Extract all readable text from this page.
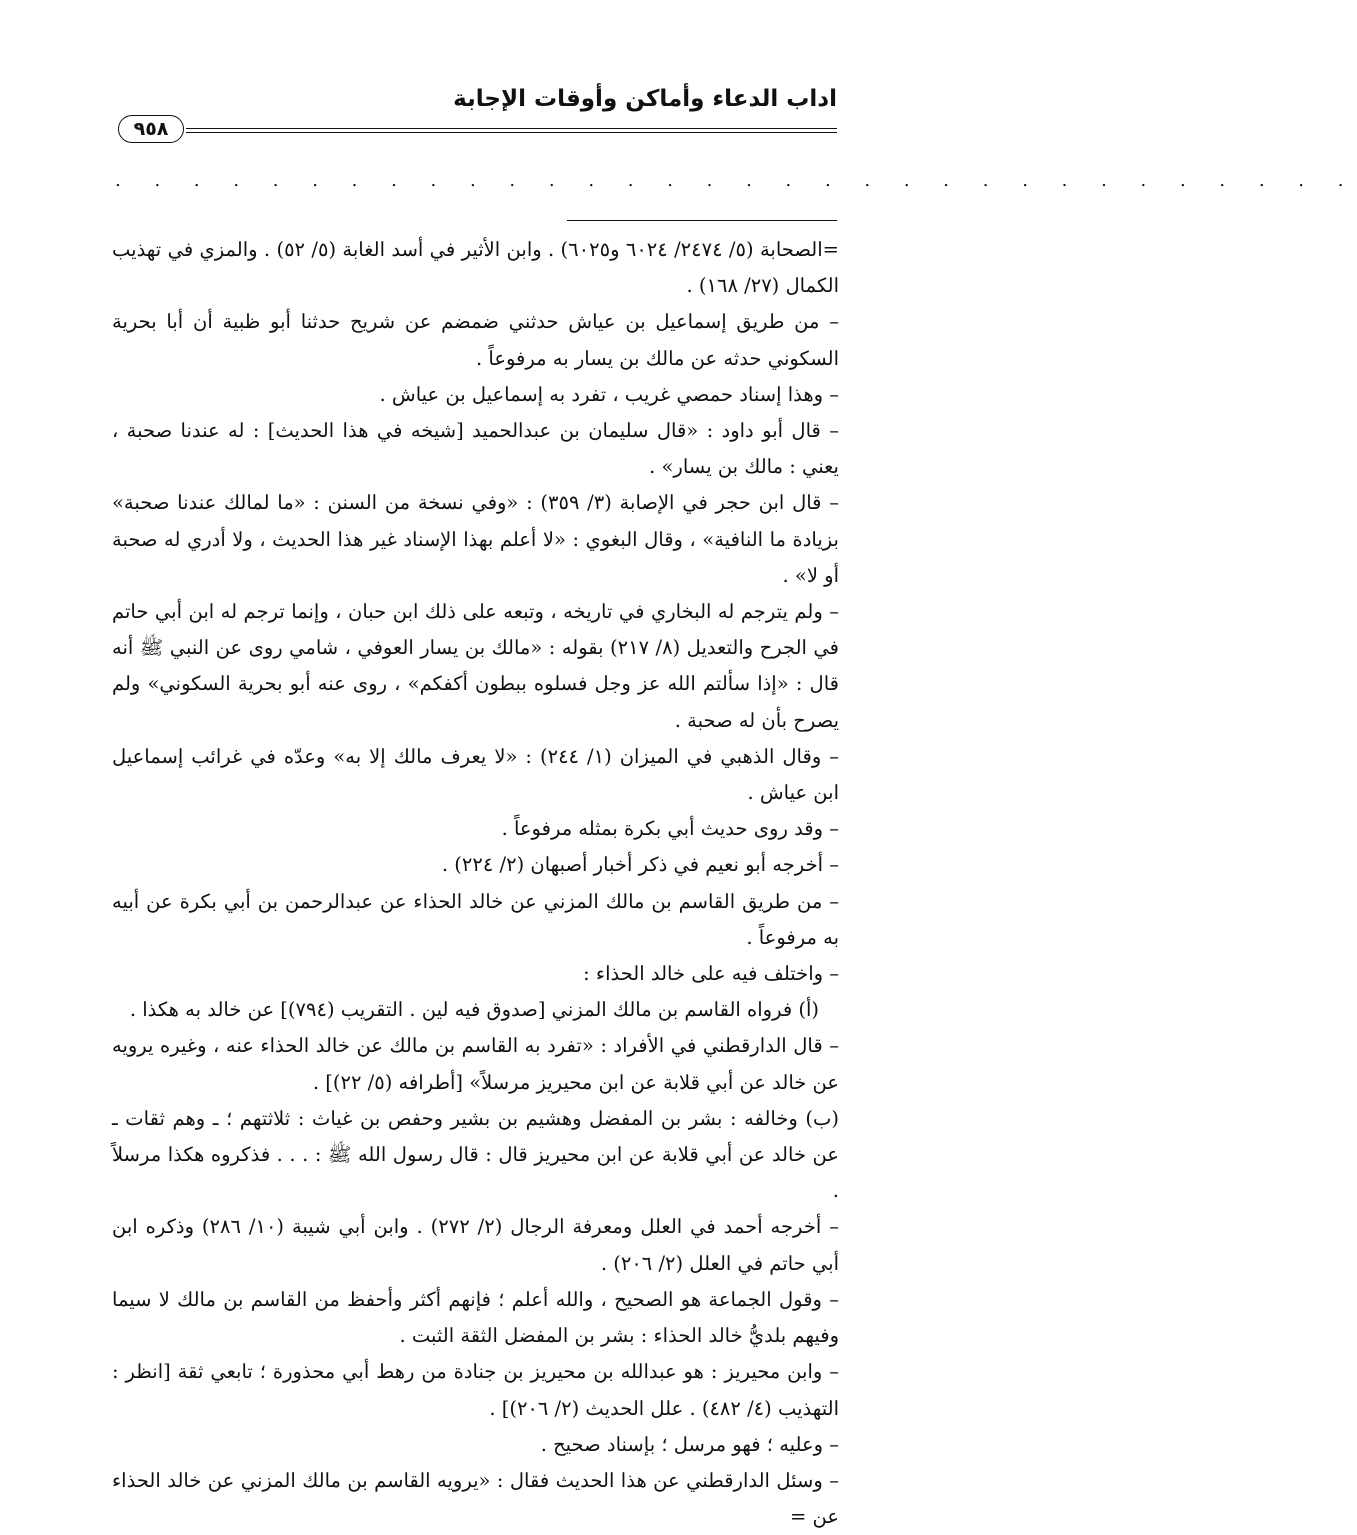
اداب الدعاء وأماكن وأوقات الإجابة
٩٥٨
. . . . . . . . . . . . . . . . . . . . . . . . . . . . . . . .

=الصحابة (٥/ ٢٤٧٤/ ٦٠٢٤ و٦٠٢٥) . وابن الأثير في أسد الغابة (٥/ ٥٢) . والمزي في تهذيب الكمال (٢٧/ ١٦٨) .

– من طريق إسماعيل بن عياش حدثني ضمضم عن شريح حدثنا أبو ظبية أن أبا بحرية السكوني حدثه عن مالك بن يسار به مرفوعاً .

– وهذا إسناد حمصي غريب ، تفرد به إسماعيل بن عياش .

– قال أبو داود : «قال سليمان بن عبدالحميد [شيخه في هذا الحديث] : له عندنا صحبة ، يعني : مالك بن يسار» .

– قال ابن حجر في الإصابة (٣/ ٣٥٩) : «وفي نسخة من السنن : «ما لمالك عندنا صحبة» بزيادة ما النافية» ، وقال البغوي : «لا أعلم بهذا الإسناد غير هذا الحديث ، ولا أدري له صحبة أو لا» .

– ولم يترجم له البخاري في تاريخه ، وتبعه على ذلك ابن حبان ، وإنما ترجم له ابن أبي حاتم في الجرح والتعديل (٨/ ٢١٧) بقوله : «مالك بن يسار العوفي ، شامي روى عن النبي ﷺ أنه قال : «إذا سألتم الله عز وجل فسلوه ببطون أكفكم» ، روى عنه أبو بحرية السكوني» ولم يصرح بأن له صحبة .

– وقال الذهبي في الميزان (١/ ٢٤٤) : «لا يعرف مالك إلا به» وعدّه في غرائب إسماعيل ابن عياش .

– وقد روى حديث أبي بكرة بمثله مرفوعاً .

– أخرجه أبو نعيم في ذكر أخبار أصبهان (٢/ ٢٢٤) .

– من طريق القاسم بن مالك المزني عن خالد الحذاء عن عبدالرحمن بن أبي بكرة عن أبيه به مرفوعاً .

– واختلف فيه على خالد الحذاء :

(أ) فرواه القاسم بن مالك المزني [صدوق فيه لين . التقريب (٧٩٤)] عن خالد به هكذا .

– قال الدارقطني في الأفراد : «تفرد به القاسم بن مالك عن خالد الحذاء عنه ، وغيره يرويه عن خالد عن أبي قلابة عن ابن محيريز مرسلاً» [أطرافه (٥/ ٢٢)] .

(ب) وخالفه : بشر بن المفضل وهشيم بن بشير وحفص بن غياث : ثلاثتهم ؛ ـ وهم ثقات ـ عن خالد عن أبي قلابة عن ابن محيريز قال : قال رسول الله ﷺ : . . . فذكروه هكذا مرسلاً .

– أخرجه أحمد في العلل ومعرفة الرجال (٢/ ٢٧٢) . وابن أبي شيبة (١٠/ ٢٨٦) وذكره ابن أبي حاتم في العلل (٢/ ٢٠٦) .

– وقول الجماعة هو الصحيح ، والله أعلم ؛ فإنهم أكثر وأحفظ من القاسم بن مالك لا سيما وفيهم بلديُّ خالد الحذاء : بشر بن المفضل الثقة الثبت .

– وابن محيريز : هو عبدالله بن محيريز بن جنادة من رهط أبي محذورة ؛ تابعي ثقة [انظر : التهذيب (٤/ ٤٨٢) . علل الحديث (٢/ ٢٠٦)] .

– وعليه ؛ فهو مرسل ؛ بإسناد صحيح .

– وسئل الدارقطني عن هذا الحديث فقال : «يرويه القاسم بن مالك المزني عن خالد الحذاء عن =
